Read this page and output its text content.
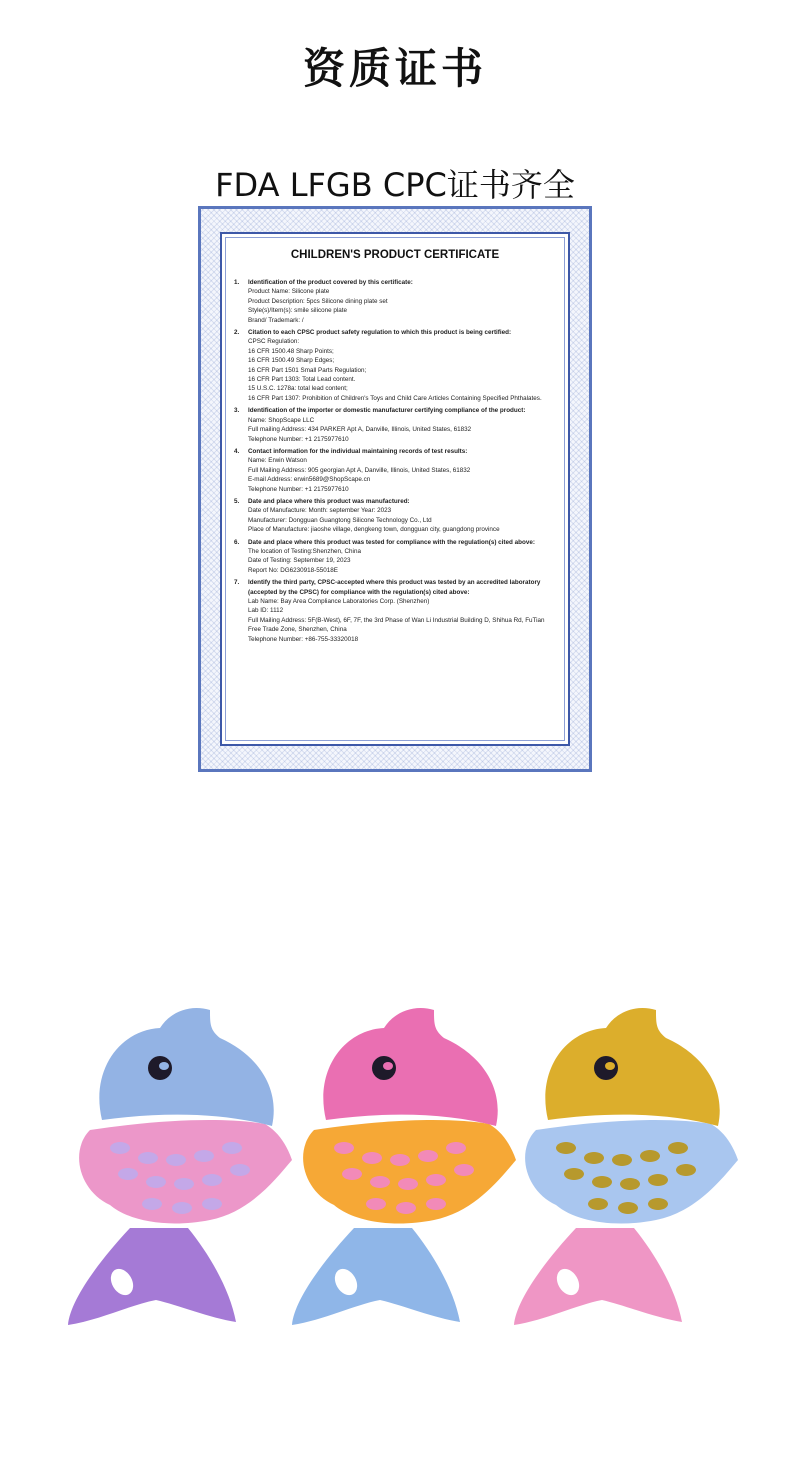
资质证书
FDA LFGB CPC证书齐全
CHILDREN'S PRODUCT CERTIFICATE
1.	Identification of the product covered by this certificate:
Product Name: Silicone plate
Product Description: 5pcs Silicone dining plate set
Style(s)/Item(s): smile silicone plate
Brand/ Trademark: /
2.	Citation to each CPSC product safety regulation to which this product is being certified:
CPSC Regulation:
16 CFR 1500.48 Sharp Points;
16 CFR 1500.49 Sharp Edges;
16 CFR Part 1501 Small Parts Regulation;
16 CFR Part 1303: Total Lead content.
15 U.S.C. 1278a: total lead content;
16 CFR Part 1307: Prohibition of Children's Toys and Child Care Articles Containing Specified Phthalates.
3.	Identification of the importer or domestic manufacturer certifying compliance of the product:
Name: ShopScape LLC
Full mailing Address: 434 PARKER Apt A, Danville, Illinois, United States, 61832
Telephone Number: +1 2175977610
4.	Contact information for the individual maintaining records of test results:
Name: Erwin Watson
Full Mailing Address: 905 georgian Apt A, Danville, Illinois, United States, 61832
E-mail Address: erwin5689@ShopScape.cn
Telephone Number: +1 2175977610
5.	Date and place where this product was manufactured:
Date of Manufacture: Month: september Year: 2023
Manufacturer: Dongguan Guangtong Silicone Technology Co., Ltd
Place of Manufacture: jiaoshe village, dengkeng town, dongguan city, guangdong province
6.	Date and place where this product was tested for compliance with the regulation(s) cited above:
The location of Testing:Shenzhen, China
Date of Testing: September 19, 2023
Report No: DG6230918-55018E
7.	Identify the third party, CPSC-accepted where this product was tested by an accredited laboratory (accepted by the CPSC) for compliance with the regulation(s) cited above:
Lab Name: Bay Area Compliance Laboratories Corp. (Shenzhen)
Lab ID: 1112
Full Mailing Address: 5F(B-West), 6F, 7F, the 3rd Phase of Wan Li Industrial Building D, Shihua Rd, FuTian Free Trade Zone, Shenzhen, China
Telephone Number: +86-755-33320018
